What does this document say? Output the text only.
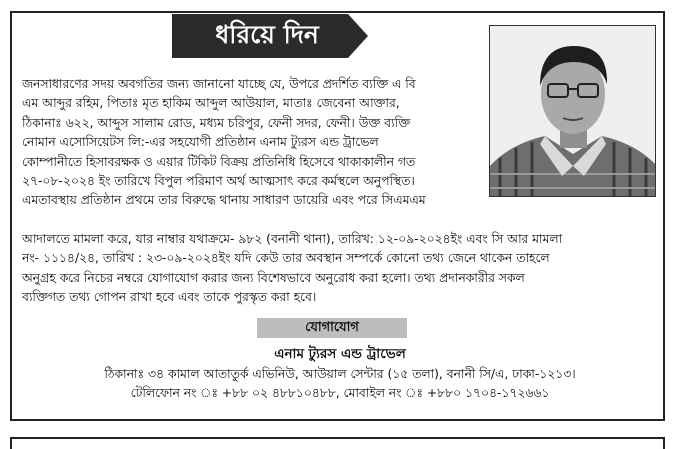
ধরিয়ে দিন
জনসাধারণের সদয় অবগতির জন্য জানানো যাচ্ছে যে, উপরে প্রদর্শিত ব্যক্তি এ বি
এম আব্দুর রহিম, পিতাঃ মৃত হাকিম আব্দুল আউয়াল, মাতাঃ জেবেনা আক্তার,
ঠিকানাঃ ৬২২, আব্দুস সালাম রোড, মধ্যম চরিপুর, ফেনী সদর, ফেনী। উক্ত ব্যক্তি
নোমান এসোসিয়েটস লি:-এর সহযোগী প্রতিষ্ঠান এনাম ট্যুরস এন্ড ট্রাভেল
কোম্পানীতে হিসাবরক্ষক ও এয়ার টিকিট বিক্রয় প্রতিনিধি হিসেবে থাকাকালীন গত
২৭-০৮-২০২৪ ইং তারিখে বিপুল পরিমাণ অর্থ আত্মসাৎ করে কর্মস্থলে অনুপস্থিত।
এমতাবস্থায় প্রতিষ্ঠান প্রথমে তার বিরুদ্ধে থানায় সাধারণ ডায়েরি এবং পরে সিএমএম
আদালতে মামলা করে, যার নাম্বার যথাক্রমে- ৯৮২ (বনানী থানা), তারিখ: ১২-০৯-২০২৪ইং এবং সি আর মামলা
নং- ১১১৪/২৪, তারিখ : ২৩-০৯-২০২৪ইং যদি কেউ তার অবস্থান সম্পর্কে কোনো তথ্য জেনে থাকেন তাহলে
অনুগ্রহ করে নিচের নম্বরে যোগাযোগ করার জন্য বিশেষভাবে অনুরোধ করা হলো। তথ্য প্রদানকারীর সকল
ব্যক্তিগত তথ্য গোপন রাখা হবে এবং তাকে পুরস্কৃত করা হবে।
যোগাযোগ
এনাম ট্যুরস এন্ড ট্রাভেল
ঠিকানাঃ ৩৪ কামাল আতাতুর্ক এভিনিউ, আউয়াল সেন্টার (১৫ তলা), বনানী সি/এ, ঢাকা-১২১৩।
টেলিফোন নং ঃ +৮৮ ০২ ৪৮৮১০৪৮৮, মোবাইল নং ঃ +৮৮০ ১৭০৪-১৭২৬৬১
